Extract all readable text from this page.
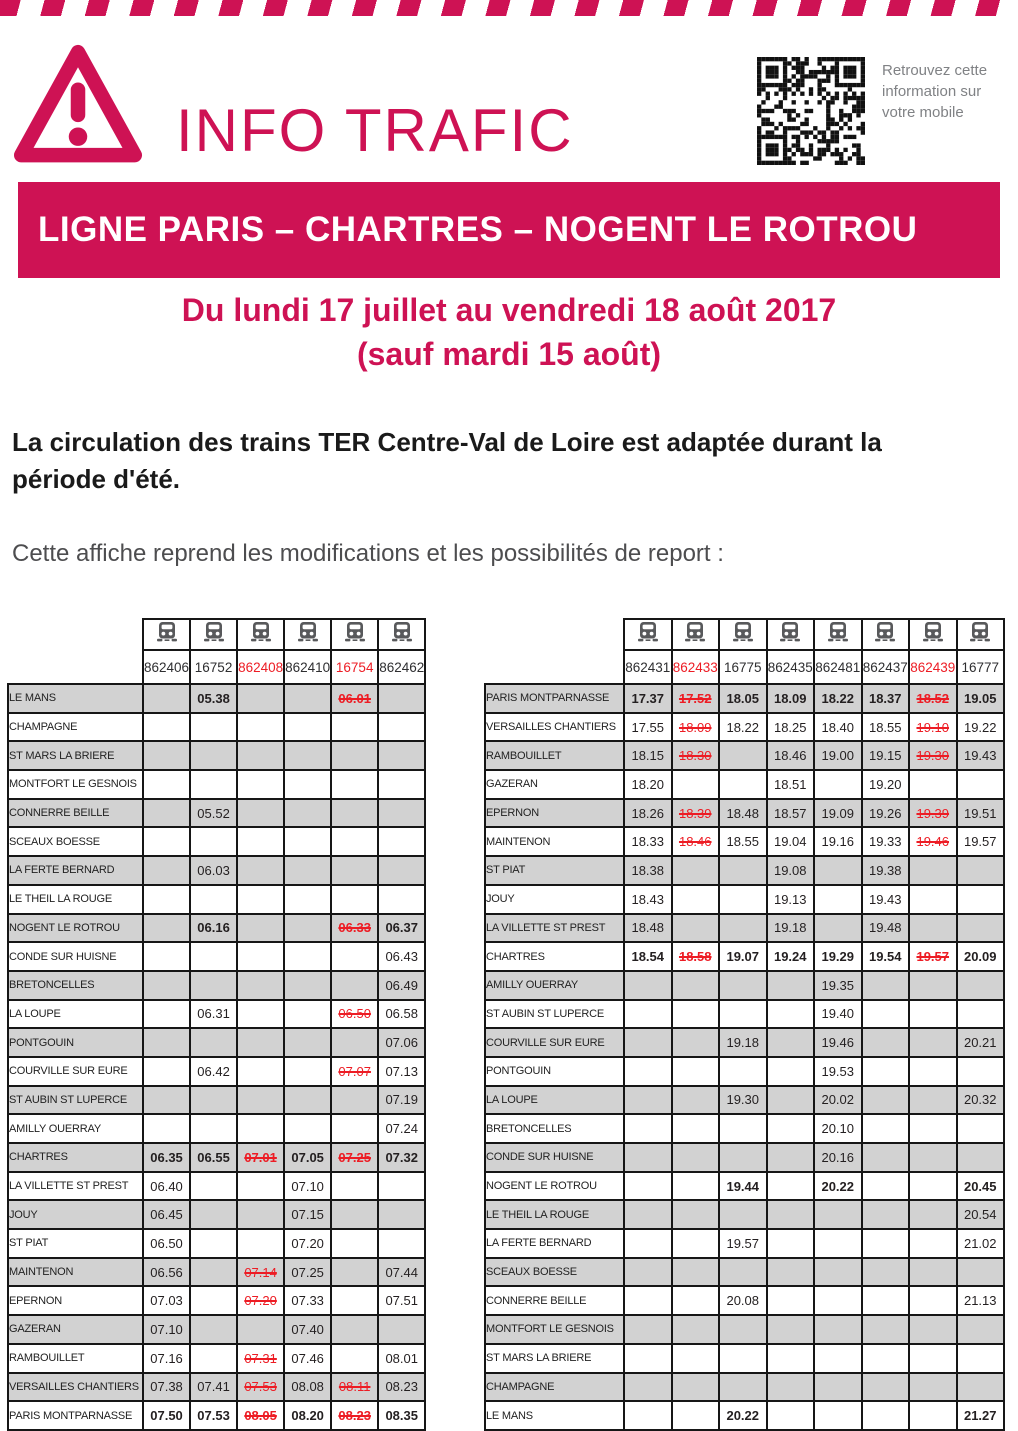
INFO TRAFIC
Retrouvez cette information sur votre mobile
LIGNE PARIS – CHARTRES – NOGENT LE ROTROU
Du lundi 17 juillet au vendredi 18 août 2017
(sauf mardi 15 août)
La circulation des trains TER Centre-Val de Loire est adaptée durant la période d'été.
Cette affiche reprend les modifications et les possibilités de report :

	862406	16752	862408	862410	16754	862462
LE MANS		05.38			06.01	
CHAMPAGNE						
ST MARS LA BRIERE						
MONTFORT LE GESNOIS						
CONNERRE BEILLE		05.52				
SCEAUX BOESSE						
LA FERTE BERNARD		06.03				
LE THEIL LA ROUGE						
NOGENT LE ROTROU		06.16			06.33	06.37
CONDE SUR HUISNE						06.43
BRETONCELLES						06.49
LA LOUPE		06.31			06.50	06.58
PONTGOUIN						07.06
COURVILLE SUR EURE		06.42			07.07	07.13
ST AUBIN ST LUPERCE						07.19
AMILLY OUERRAY						07.24
CHARTRES	06.35	06.55	07.01	07.05	07.25	07.32
LA VILLETTE ST PREST	06.40			07.10		
JOUY	06.45			07.15		
ST PIAT	06.50			07.20		
MAINTENON	06.56		07.14	07.25		07.44
EPERNON	07.03		07.20	07.33		07.51
GAZERAN	07.10			07.40		
RAMBOUILLET	07.16		07.31	07.46		08.01
VERSAILLES CHANTIERS	07.38	07.41	07.53	08.08	08.11	08.23
PARIS MONTPARNASSE	07.50	07.53	08.05	08.20	08.23	08.35

	862431	862433	16775	862435	862481	862437	862439	16777
PARIS MONTPARNASSE	17.37	17.52	18.05	18.09	18.22	18.37	18.52	19.05
VERSAILLES CHANTIERS	17.55	18.09	18.22	18.25	18.40	18.55	19.10	19.22
RAMBOUILLET	18.15	18.30		18.46	19.00	19.15	19.30	19.43
GAZERAN	18.20			18.51		19.20		
EPERNON	18.26	18.39	18.48	18.57	19.09	19.26	19.39	19.51
MAINTENON	18.33	18.46	18.55	19.04	19.16	19.33	19.46	19.57
ST PIAT	18.38			19.08		19.38		
JOUY	18.43			19.13		19.43		
LA VILLETTE ST PREST	18.48			19.18		19.48		
CHARTRES	18.54	18.58	19.07	19.24	19.29	19.54	19.57	20.09
AMILLY OUERRAY					19.35			
ST AUBIN ST LUPERCE					19.40			
COURVILLE SUR EURE			19.18		19.46			20.21
PONTGOUIN					19.53			
LA LOUPE			19.30		20.02			20.32
BRETONCELLES					20.10			
CONDE SUR HUISNE					20.16			
NOGENT LE ROTROU			19.44		20.22			20.45
LE THEIL LA ROUGE								20.54
LA FERTE BERNARD			19.57					21.02
SCEAUX BOESSE								
CONNERRE BEILLE			20.08					21.13
MONTFORT LE GESNOIS								
ST MARS LA BRIERE								
CHAMPAGNE								
LE MANS			20.22					21.27
